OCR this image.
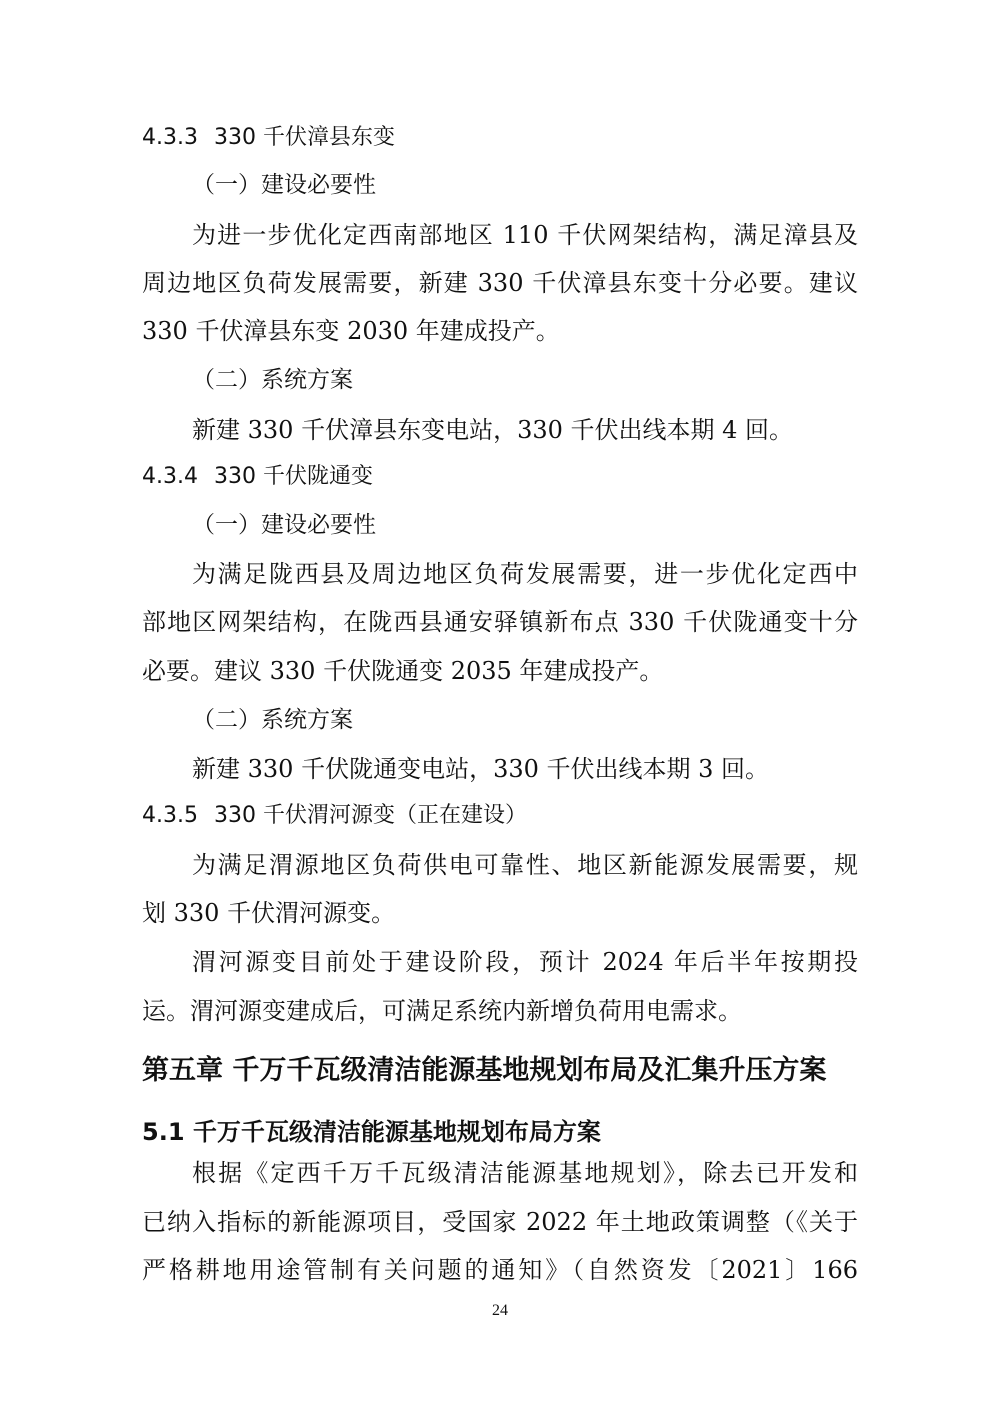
4.3.3 330 千伏漳县东变
（一）建设必要性
为进一步优化定西南部地区 110 千伏网架结构，满足漳县及
周边地区负荷发展需要，新建 330 千伏漳县东变十分必要。建议
330 千伏漳县东变 2030 年建成投产。
（二）系统方案
新建 330 千伏漳县东变电站，330 千伏出线本期 4 回。
4.3.4 330 千伏陇通变
（一）建设必要性
为满足陇西县及周边地区负荷发展需要，进一步优化定西中
部地区网架结构，在陇西县通安驿镇新布点 330 千伏陇通变十分
必要。建议 330 千伏陇通变 2035 年建成投产。
（二）系统方案
新建 330 千伏陇通变电站，330 千伏出线本期 3 回。
4.3.5 330 千伏渭河源变（正在建设）
为满足渭源地区负荷供电可靠性、地区新能源发展需要，规
划 330 千伏渭河源变。
渭河源变目前处于建设阶段，预计 2024 年后半年按期投
运。渭河源变建成后，可满足系统内新增负荷用电需求。
第五章 千万千瓦级清洁能源基地规划布局及汇集升压方案
5.1 千万千瓦级清洁能源基地规划布局方案
根据《定西千万千瓦级清洁能源基地规划》，除去已开发和
已纳入指标的新能源项目，受国家 2022 年土地政策调整（《关于
严格耕地用途管制有关问题的通知》（自然资发〔2021〕166
24
